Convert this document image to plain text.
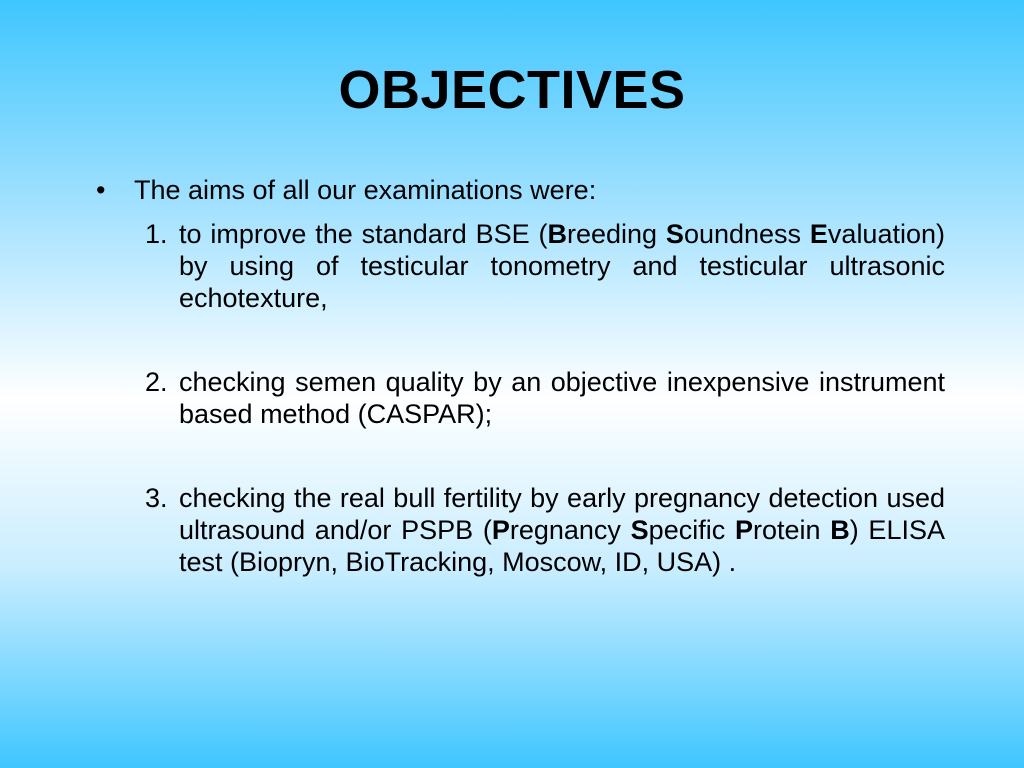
OBJECTIVES
•	The aims of all our examinations were:
1. to improve the standard BSE (Breeding Soundness Evaluation) by using of testicular tonometry and testicular ultrasonic echotexture,
2. checking semen quality by an objective inexpensive instrument based method (CASPAR);
3. checking the real bull fertility by early pregnancy detection used ultrasound and/or PSPB (Pregnancy Specific Protein B) ELISA test (Biopryn, BioTracking, Moscow, ID, USA) .
